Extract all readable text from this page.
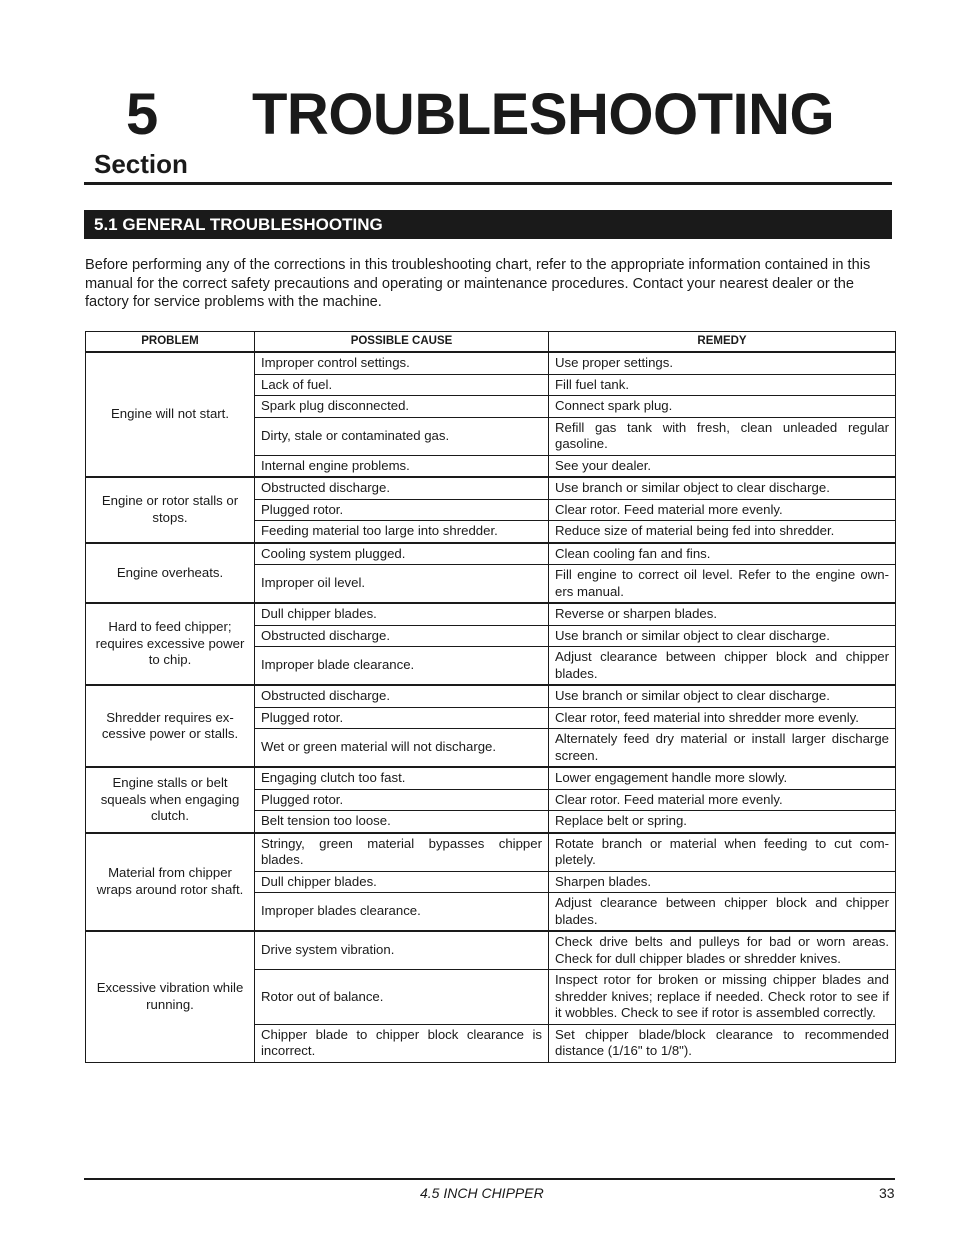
5 TROUBLESHOOTING
Section
5.1 GENERAL TROUBLESHOOTING

Before performing any of the corrections in this troubleshooting chart, refer to the appropriate information contained in this manual for the correct safety precautions and operating or maintenance procedures. Contact your nearest dealer or the factory for service problems with the machine.

PROBLEM	POSSIBLE CAUSE	REMEDY
Engine will not start.	Improper control settings.	Use proper settings.
	Lack of fuel.	Fill fuel tank.
	Spark plug disconnected.	Connect spark plug.
	Dirty, stale or contaminated gas.	Refill gas tank with fresh, clean unleaded regular gasoline.
	Internal engine problems.	See your dealer.
Engine or rotor stalls or stops.	Obstructed discharge.	Use branch or similar object to clear discharge.
	Plugged rotor.	Clear rotor. Feed material more evenly.
	Feeding material too large into shredder.	Reduce size of material being fed into shredder.
Engine overheats.	Cooling system plugged.	Clean cooling fan and fins.
	Improper oil level.	Fill engine to correct oil level. Refer to the engine own-ers manual.
Hard to feed chipper; requires excessive power to chip.	Dull chipper blades.	Reverse or sharpen blades.
	Obstructed discharge.	Use branch or similar object to clear discharge.
	Improper blade clearance.	Adjust clearance between chipper block and chipper blades.
Shredder requires ex-cessive power or stalls.	Obstructed discharge.	Use branch or similar object to clear discharge.
	Plugged rotor.	Clear rotor, feed material into shredder more evenly.
	Wet or green material will not discharge.	Alternately feed dry material or install larger discharge screen.
Engine stalls or belt squeals when engaging clutch.	Engaging clutch too fast.	Lower engagement handle more slowly.
	Plugged rotor.	Clear rotor. Feed material more evenly.
	Belt tension too loose.	Replace belt or spring.
Material from chipper wraps around rotor shaft.	Stringy, green material bypasses chipper blades.	Rotate branch or material when feeding to cut com-pletely.
	Dull chipper blades.	Sharpen blades.
	Improper blades clearance.	Adjust clearance between chipper block and chipper blades.
Excessive vibration while running.	Drive system vibration.	Check drive belts and pulleys for bad or worn areas. Check for dull chipper blades or shredder knives.
	Rotor out of balance.	Inspect rotor for broken or missing chipper blades and shredder knives; replace if needed. Check rotor to see if it wobbles. Check to see if rotor is assembled correctly.
	Chipper blade to chipper block clearance is incorrect.	Set chipper blade/block clearance to recommended distance (1/16" to 1/8").
4.5 INCH CHIPPER	33
